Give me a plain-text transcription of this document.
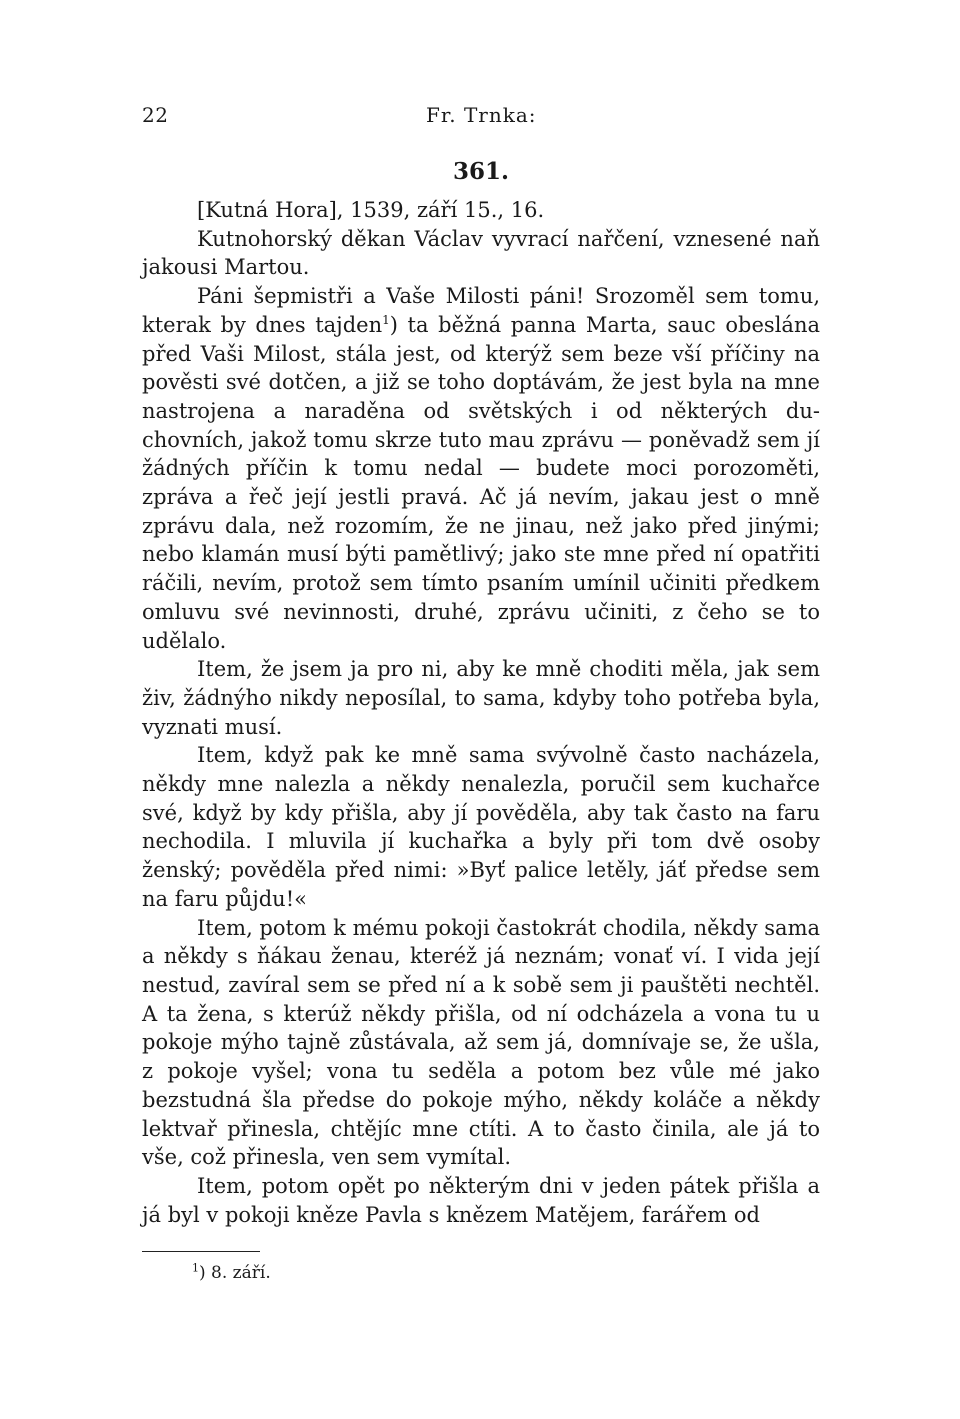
22	Fr. Trnka:
361.

[Kutná Hora], 1539, září 15., 16.

Kutnohorský děkan Václav vyvrací nařčení, vznesené naň jakousi Martou.

Páni šepmistři a Vaše Milosti páni! Srozoměl sem tomu, kterak by dnes tajden$^1$) ta běžná panna Marta, sauc obeslána před Vaši Milost, stála jest, od kterýž sem beze vší příčiny na pověsti své dotčen, a již se toho doptávám, že jest byla na mne nastrojena a naraděna od světských i od některých duchovních, jakož tomu skrze tuto mau zprávu — poněvadž sem jí žádných příčin k tomu nedal — budete moci porozoměti, zpráva a řeč její jestli pravá. Ač já nevím, jakau jest o mně zprávu dala, než rozomím, že ne jinau, než jako před jinými; nebo klamán musí býti pamětlivý; jako ste mne před ní opatřiti ráčili, nevím, protož sem tímto psaním umínil učiniti předkem omluvu své nevinnosti, druhé, zprávu učiniti, z čeho se to udělalo.

Item, že jsem ja pro ni, aby ke mně choditi měla, jak sem živ, žádnýho nikdy neposílal, to sama, kdyby toho potřeba byla, vyznati musí.

Item, když pak ke mně sama svývolně často nacházela, někdy mne nalezla a někdy nenalezla, poručil sem kuchařce své, když by kdy přišla, aby jí pověděla, aby tak často na faru nechodila. I mluvila jí kuchařka a byly při tom dvě osoby ženský; pověděla před nimi: »Byť palice letěly, jáť předse sem na faru půjdu!«

Item, potom k mému pokoji častokrát chodila, někdy sama a někdy s ňákau ženau, kteréž já neznám; vonať ví. I vida její nestud, zavíral sem se před ní a k sobě sem ji pauštěti nechtěl. A ta žena, s kterúž někdy přišla, od ní odcházela a vona tu u pokoje mýho tajně zůstávala, až sem já, domnívaje se, že ušla, z pokoje vyšel; vona tu seděla a potom bez vůle mé jako bezstudná šla předse do pokoje mýho, někdy koláče a někdy lektvař přinesla, chtějíc mne ctíti. A to často činila, ale já to vše, což přinesla, ven sem vymítal.

Item, potom opět po některým dni v jeden pátek přišla a já byl v pokoji kněze Pavla s knězem Matějem, farářem od

$^1$) 8. září.
